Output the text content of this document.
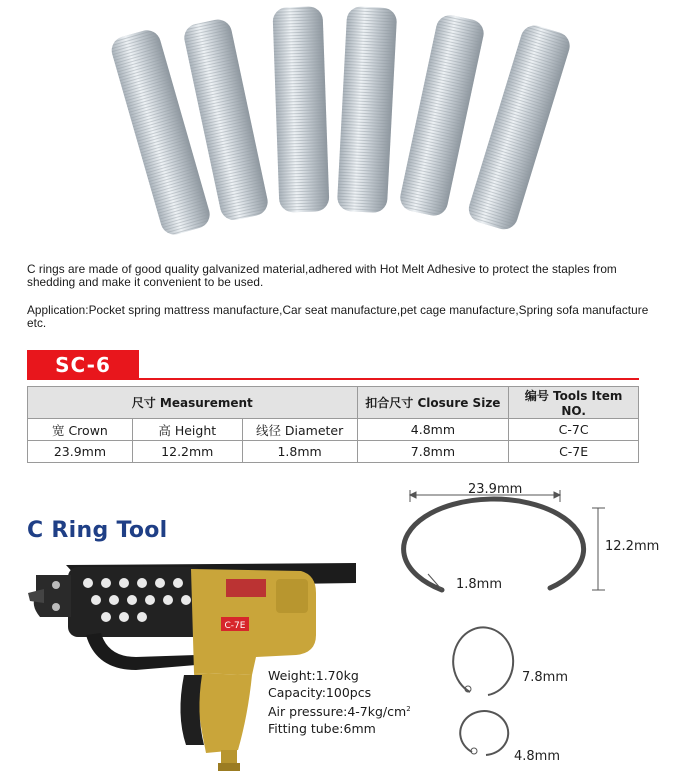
C rings are made of good quality galvanized material,adhered with Hot Melt Adhesive to protect the staples from shedding and make it convenient to be used.

Application:Pocket spring mattress manufacture,Car seat manufacture,pet cage manufacture,Spring sofa manufacture etc.

SC-6
尺寸 Measurement			扣合尺寸 Closure Size	编号 Tools Item NO.
宽 Crown	高 Height	线径 Diameter	4.8mm	C-7C
23.9mm	12.2mm	1.8mm	7.8mm	C-7E
C Ring Tool
C-7E
Weight:1.70kg
Capacity:100pcs
Air $pressure:4-7kg/cm^2$
Fitting tube:6mm
23.9mm
12.2mm
1.8mm
7.8mm
4.8mm
